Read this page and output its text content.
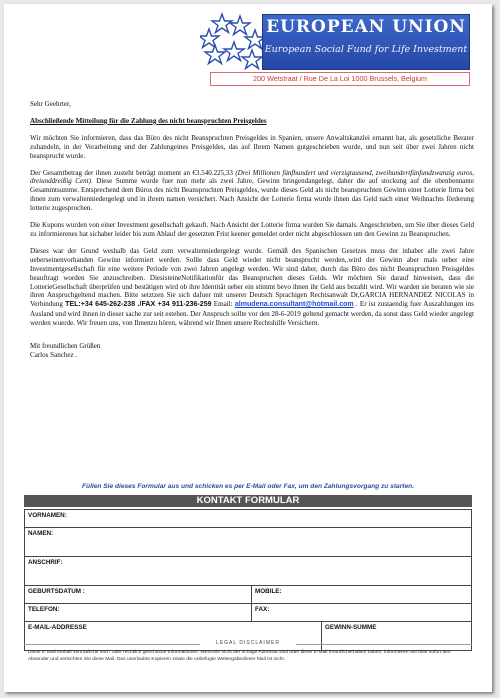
EUROPEAN UNION
European Social Fund for Life Investment
200 Wetstraat / Rue De La Loi 1000 Brussels, Belgium
Sehr Geehrter,
Abschließende Mitteilung für die Zahlung des nicht beanspruchten Preisgeldes

Wir möchten Sie informieren, dass das Büro des nicht Beanspruchten Preisgeldes in Spanien, unsere Anwaltskanzlei ernannt hat, als gesetzliche Berater zuhandeln, in der Verarbeitung und der Zahlungeines Preisgeldes, das auf Ihrem Namen gutgeschrieben wurde, und nun seit über zwei Jahren nicht beansprucht wurde.

Der Gesamtbetrag der ihnen zusteht beträgt moment an €3.540.225,33 (Drei Millionen fünfhundert und vierzigtausend, zweihundertfünfundzwanzig euros, dreiunddreißig Cent). Diese Summe wurde fuer nun mehr als zwei Jahre, Gewinn bringendangelegt, daher die auf stockung auf die obenbennante Gesammtsumme. Entsprechend dem Büros des nicht Beanspruchten Preisgeldes, wurde dieses Geld als nicht beanspruchten Gewinn einer Lotterie firma bei ihnen zum verwaltenniedergelegt und in ihrem namen versichert. Nach Ansicht der Lotterie firma wurde ihnen das Geld nach einer Weihnachts förderung lotterie zugesprochen.

Die Kupons wurden von einer Investment gesellschaft gekauft. Nach Ansicht der Lotterie firma wurden Sie damals. Angeschrieben, um Sie über dieses Geld zu informierenes hat sichaber leider bis zum Ablauf der gesetzten Frist keener gemeldet order nicht abgeschlossen um den Gewinn zu Beanspruchen.

Dieses war der Grund weshalb das Geld zum verwaltenniedergelegt wurde. Gemäß des Spanischen Gesetzes muss der inhaber alle zwei Jahre ueberseinenvorhanden Gewinn informiert werden. Sollte dass Geld wieder nicht beansprucht werden,.wird der Gewinn aber mals ueber eine Investmentgesellschaft für eine weitere Periode von zwei Jahren angelegt werden. Wir sind daher, durch das Büro des nicht Beanspruchten Preisgeldes beauftragt worden Sie anzuschreiben. DiesisteineNotifikationfür das Beanspruchen dieses Gelds. Wir möchten Sie darauf hinweisen, dass die LotterieGesellschaft überprüfen und bestätigen wird ob ihre Identität ueber ein stimmt bevo ihnen ihr Geld aus bezahlt wird. Wir warden sie beraten wie sie ihren Anspruchgeltend machen. Bitte setztzen Sie sich dafuer mit unserer Deutsch Sprachigen Rechtsanwalt Dr,GARCIA HERNANDEZ NICOLAS in Verbindung TEL:+34 645-262-238 ./FAX +34 911-236-259 Email: almudena.consultant@hotmail.com . Er ist zustaendig fuer Auszahlungen ins Ausland und wird ihnen in dieser sache zur seit estehen. Der Anspruch sollte vor den 28-6-2019 geltend gemacht werden, da sonst dass Geld wieder angelegt werden wuerde. Wir freuen uns, von Ihnenzu hören, während wir Ihnen unsere Rechtshilfe Versichern.

Mit freundlichen Grüßen
Carlos Sanchez .
Füllen Sie dieses Formular aus und schicken es per E-Mail oder Fax, um den Zahlungsvorgang zu starten.
KONTAKT FORMULAR
VORNAMEN:
NAMEN:
ANSCHRIF:
GEBURTSDATUM :	MOBILE:
TELEFON:	FAX:
E-MAIL-ADDRESSE	GEWINN-SUMME
LEGAL DISCLAIMER
Diese E-Mail enthält vertrauliche und / oder rechtlich geschützte Informationen. WennSie nicht der richtige Adressat sind oder diese E-Mail irrtümlicherhalten haben, informieren Sie bitte sofort den Absender und vernichten Sie diese Mail. Das unerlaubte Kopieren sowie die unbefugte Weitergabedieser Mail ist nicht.
